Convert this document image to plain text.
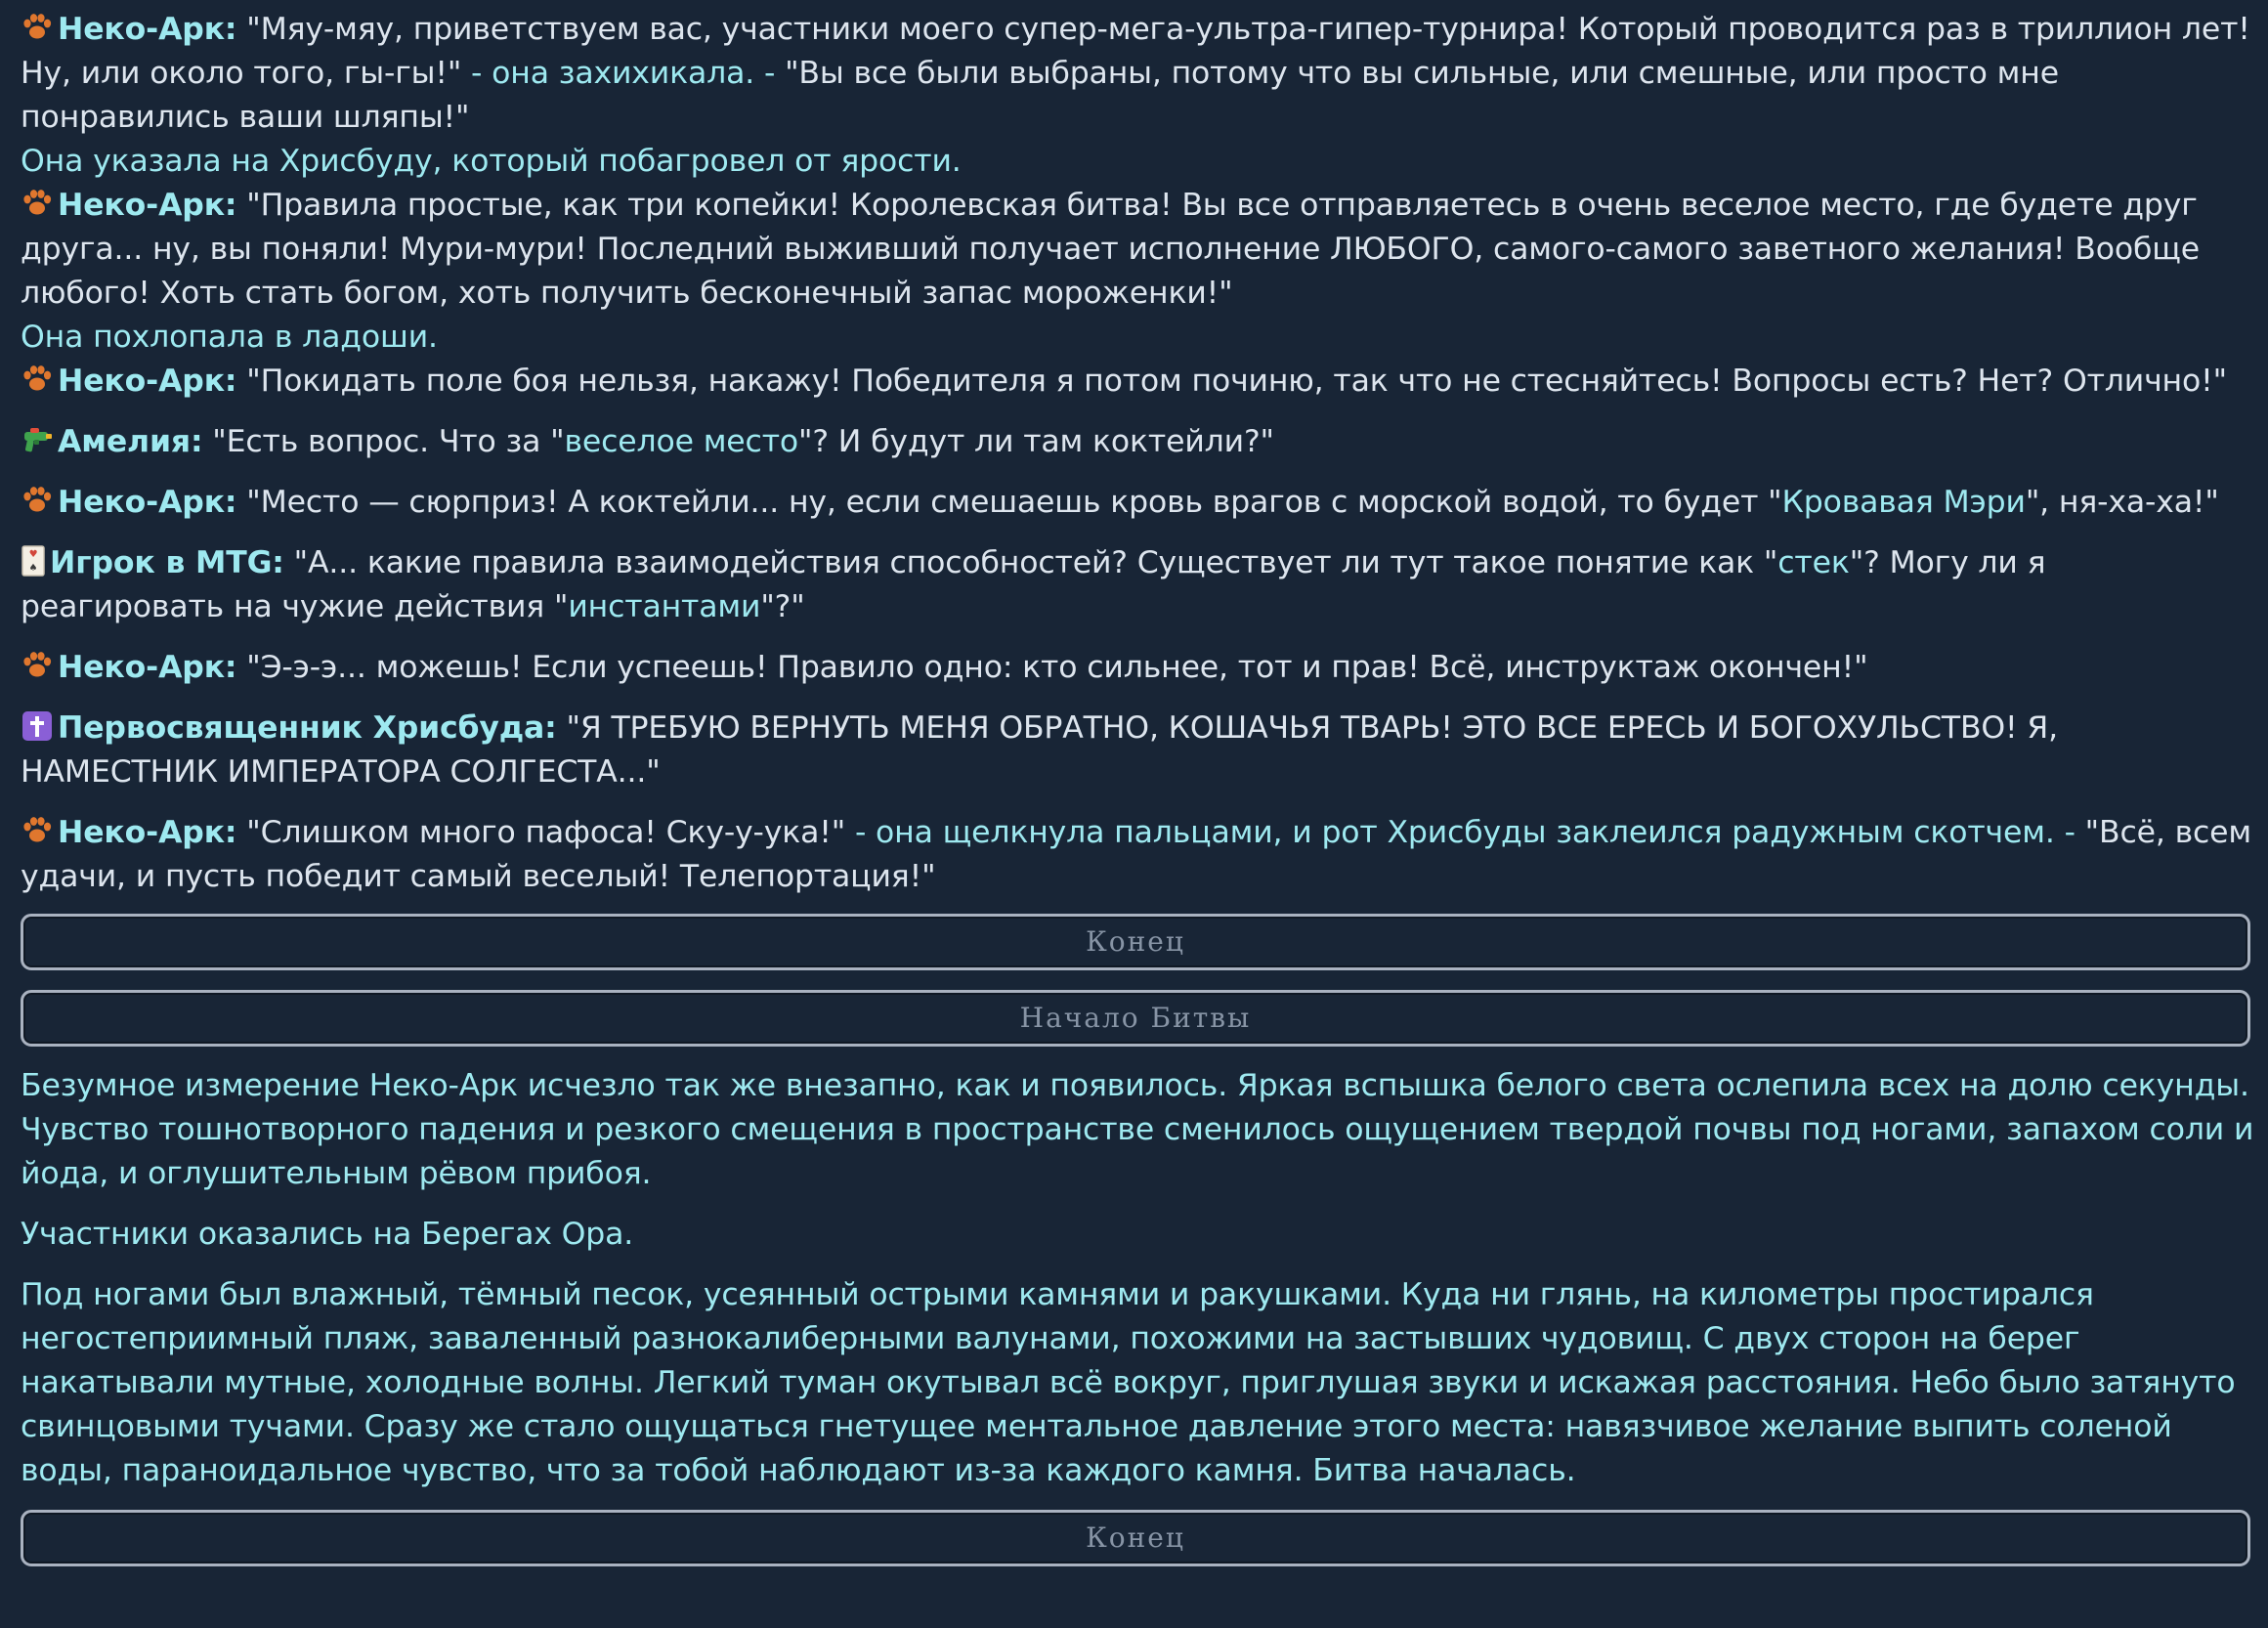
Неко-Арк: "Мяу-мяу, приветствуем вас, участники моего супер-мега-ультра-гипер-турнира! Который проводится раз в триллион лет! Ну, или около того, гы-гы!" - она захихикала. - "Вы все были выбраны, потому что вы сильные, или смешные, или просто мне понравились ваши шляпы!"

Она указала на Хрисбуду, который побагровел от ярости.

Неко-Арк: "Правила простые, как три копейки! Королевская битва! Вы все отправляетесь в очень веселое место, где будете друг друга... ну, вы поняли! Мури-мури! Последний выживший получает исполнение ЛЮБОГО, самого-самого заветного желания! Вообще любого! Хоть стать богом, хоть получить бесконечный запас мороженки!"

Она похлопала в ладоши.

Неко-Арк: "Покидать поле боя нельзя, накажу! Победителя я потом починю, так что не стесняйтесь! Вопросы есть? Нет? Отлично!"

Амелия: "Есть вопрос. Что за "веселое место"? И будут ли там коктейли?"

Неко-Арк: "Место — сюрприз! А коктейли... ну, если смешаешь кровь врагов с морской водой, то будет "Кровавая Мэри", ня-ха-ха!"

♥
♠ Игрок в MTG: "А... какие правила взаимодействия способностей? Существует ли тут такое понятие как "стек"? Могу ли я реагировать на чужие действия "инстантами"?"

Неко-Арк: "Э-э-э... можешь! Если успеешь! Правило одно: кто сильнее, тот и прав! Всё, инструктаж окончен!"

Первосвященник Хрисбуда: "Я ТРЕБУЮ ВЕРНУТЬ МЕНЯ ОБРАТНО, КОШАЧЬЯ ТВАРЬ! ЭТО ВСЕ ЕРЕСЬ И БОГОХУЛЬСТВО! Я, НАМЕСТНИК ИМПЕРАТОРА СОЛГЕСТА..."

Неко-Арк: "Слишком много пафоса! Ску-у-ука!" - она щелкнула пальцами, и рот Хрисбуды заклеился радужным скотчем. - "Всё, всем удачи, и пусть победит самый веселый! Телепортация!"

Конец
Начало Битвы

Безумное измерение Неко-Арк исчезло так же внезапно, как и появилось. Яркая вспышка белого света ослепила всех на долю секунды. Чувство тошнотворного падения и резкого смещения в пространстве сменилось ощущением твердой почвы под ногами, запахом соли и йода, и оглушительным рёвом прибоя.

Участники оказались на Берегах Ора.

Под ногами был влажный, тёмный песок, усеянный острыми камнями и ракушками. Куда ни глянь, на километры простирался негостеприимный пляж, заваленный разнокалиберными валунами, похожими на застывших чудовищ. С двух сторон на берег накатывали мутные, холодные волны. Легкий туман окутывал всё вокруг, приглушая звуки и искажая расстояния. Небо было затянуто свинцовыми тучами. Сразу же стало ощущаться гнетущее ментальное давление этого места: навязчивое желание выпить соленой воды, параноидальное чувство, что за тобой наблюдают из-за каждого камня. Битва началась.

Конец
